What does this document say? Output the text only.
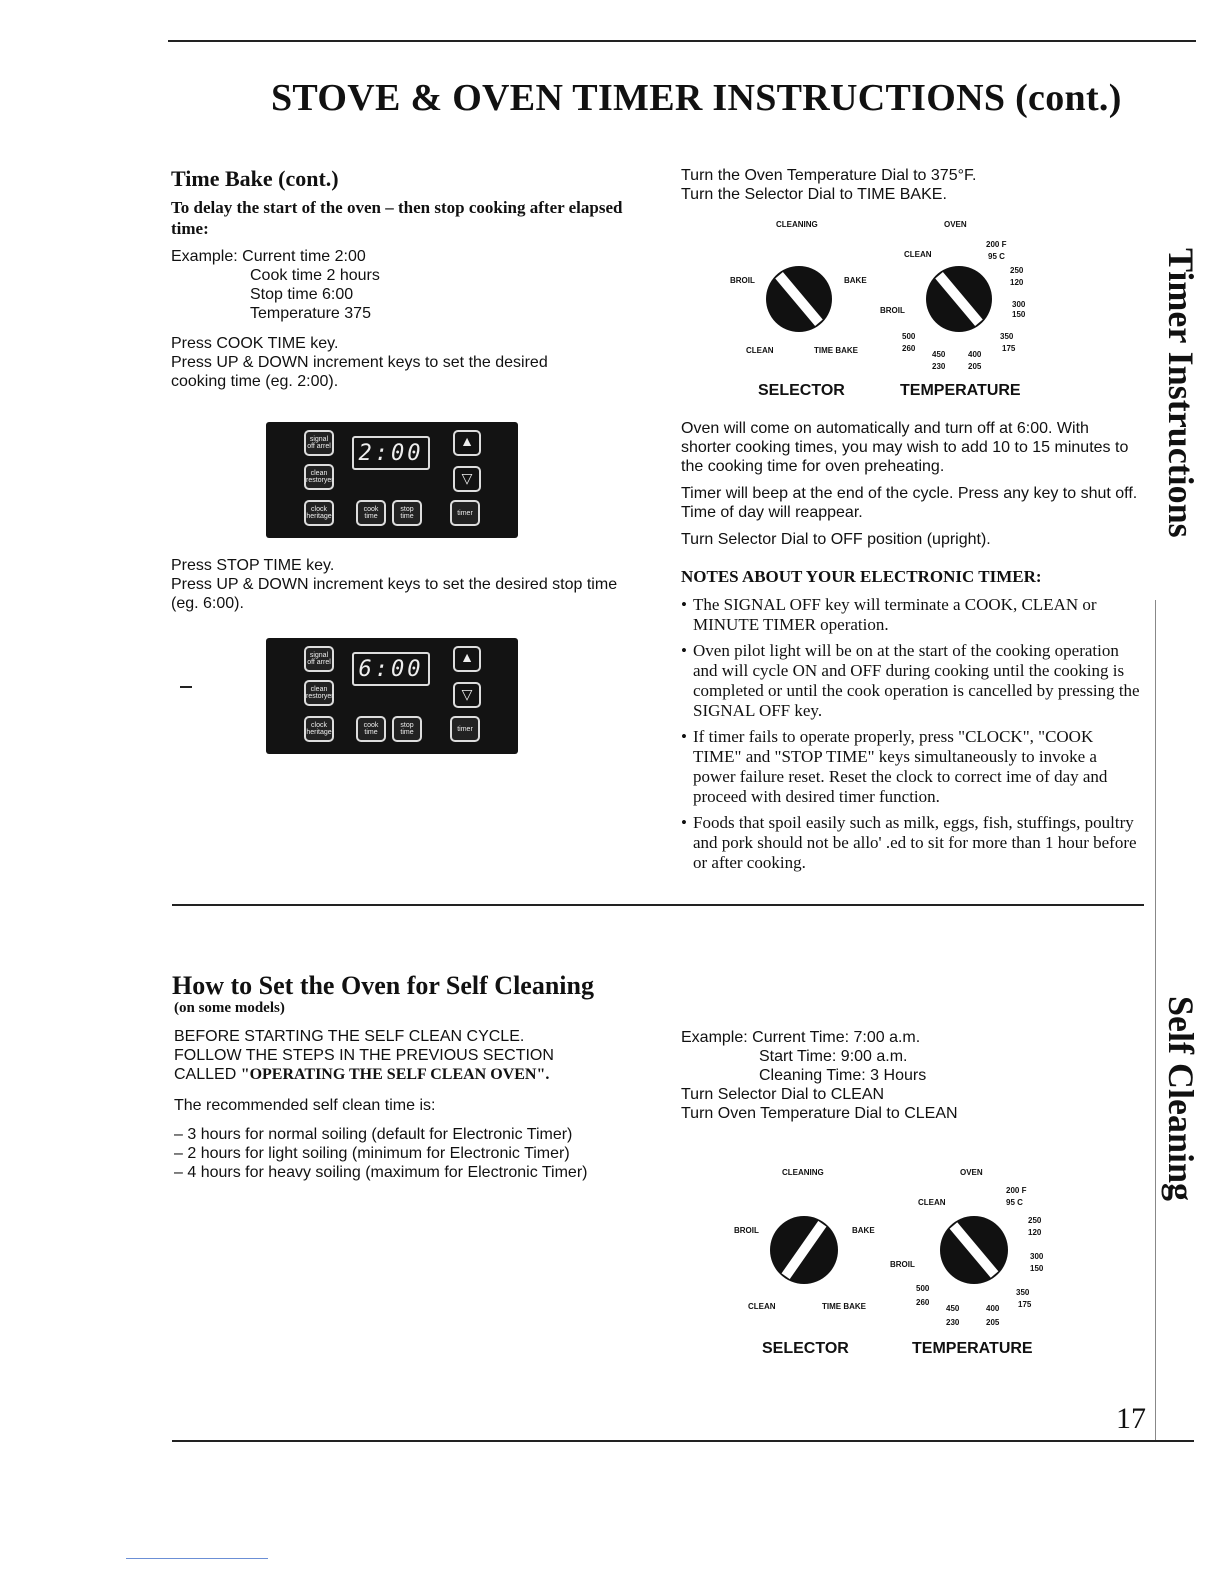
STOVE & OVEN TIMER INSTRUCTIONS (cont.)
Time Bake (cont.)
To delay the start of the oven – then stop cooking after elapsed time:
Example: Current time 2:00
Cook time 2 hours
Stop time 6:00
Temperature 375
Press COOK TIME key.
Press UP & DOWN increment keys to set the desired cooking time (eg. 2:00).
signal off arrel
clean restoryer
clock heritage
2:00	▲
▽
cook time
stop time	timer
Press STOP TIME key.
Press UP & DOWN increment keys to set the desired stop time (eg. 6:00).
signal off arrel
clean restoryer
clock heritage
6:00	▲
▽
cook time
stop time	timer
Turn the Oven Temperature Dial to 375°F.
Turn the Selector Dial to TIME BAKE.
CLEANING
BROIL	BAKE
CLEAN	TIME BAKE
OVEN
CLEAN
200 F
95 C
250
120
300
150
BROIL
500
260
350
175
450	400
230	205
SELECTOR	TEMPERATURE
Oven will come on automatically and turn off at 6:00. With shorter cooking times, you may wish to add 10 to 15 minutes to the cooking time for oven preheating.
Timer will beep at the end of the cycle. Press any key to shut off. Time of day will reappear.
Turn Selector Dial to OFF position (upright).
NOTES ABOUT YOUR ELECTRONIC TIMER:
• The SIGNAL OFF key will terminate a COOK, CLEAN or MINUTE TIMER operation.
• Oven pilot light will be on at the start of the cooking operation and will cycle ON and OFF during cooking until the cooking is completed or until the cook operation is cancelled by pressing the SIGNAL OFF key.
• If timer fails to operate properly, press "CLOCK", "COOK TIME" and "STOP TIME" keys simultaneously to invoke a power failure reset. Reset the clock to correct ime of day and proceed with desired timer function.
• Foods that spoil easily such as milk, eggs, fish, stuffings, poultry and pork should not be allo' .ed to sit for more than 1 hour before or after cooking.
Timer Instructions
Self Cleaning
How to Set the Oven for Self Cleaning
(on some models)
BEFORE STARTING THE SELF CLEAN CYCLE.
FOLLOW THE STEPS IN THE PREVIOUS SECTION
CALLED "OPERATING THE SELF CLEAN OVEN".
The recommended self clean time is:
– 3 hours for normal soiling (default for Electronic Timer)
– 2 hours for light soiling (minimum for Electronic Timer)
– 4 hours for heavy soiling (maximum for Electronic Timer)
Example: Current Time: 7:00 a.m.
Start Time: 9:00 a.m.
Cleaning Time: 3 Hours
Turn Selector Dial to CLEAN
Turn Oven Temperature Dial to CLEAN
CLEANING
BROIL	BAKE
CLEAN	TIME BAKE
OVEN
CLEAN
200 F
95 C
250
120
300
150
BROIL
500
260
350
175
450	400
230	205
SELECTOR	TEMPERATURE
17
